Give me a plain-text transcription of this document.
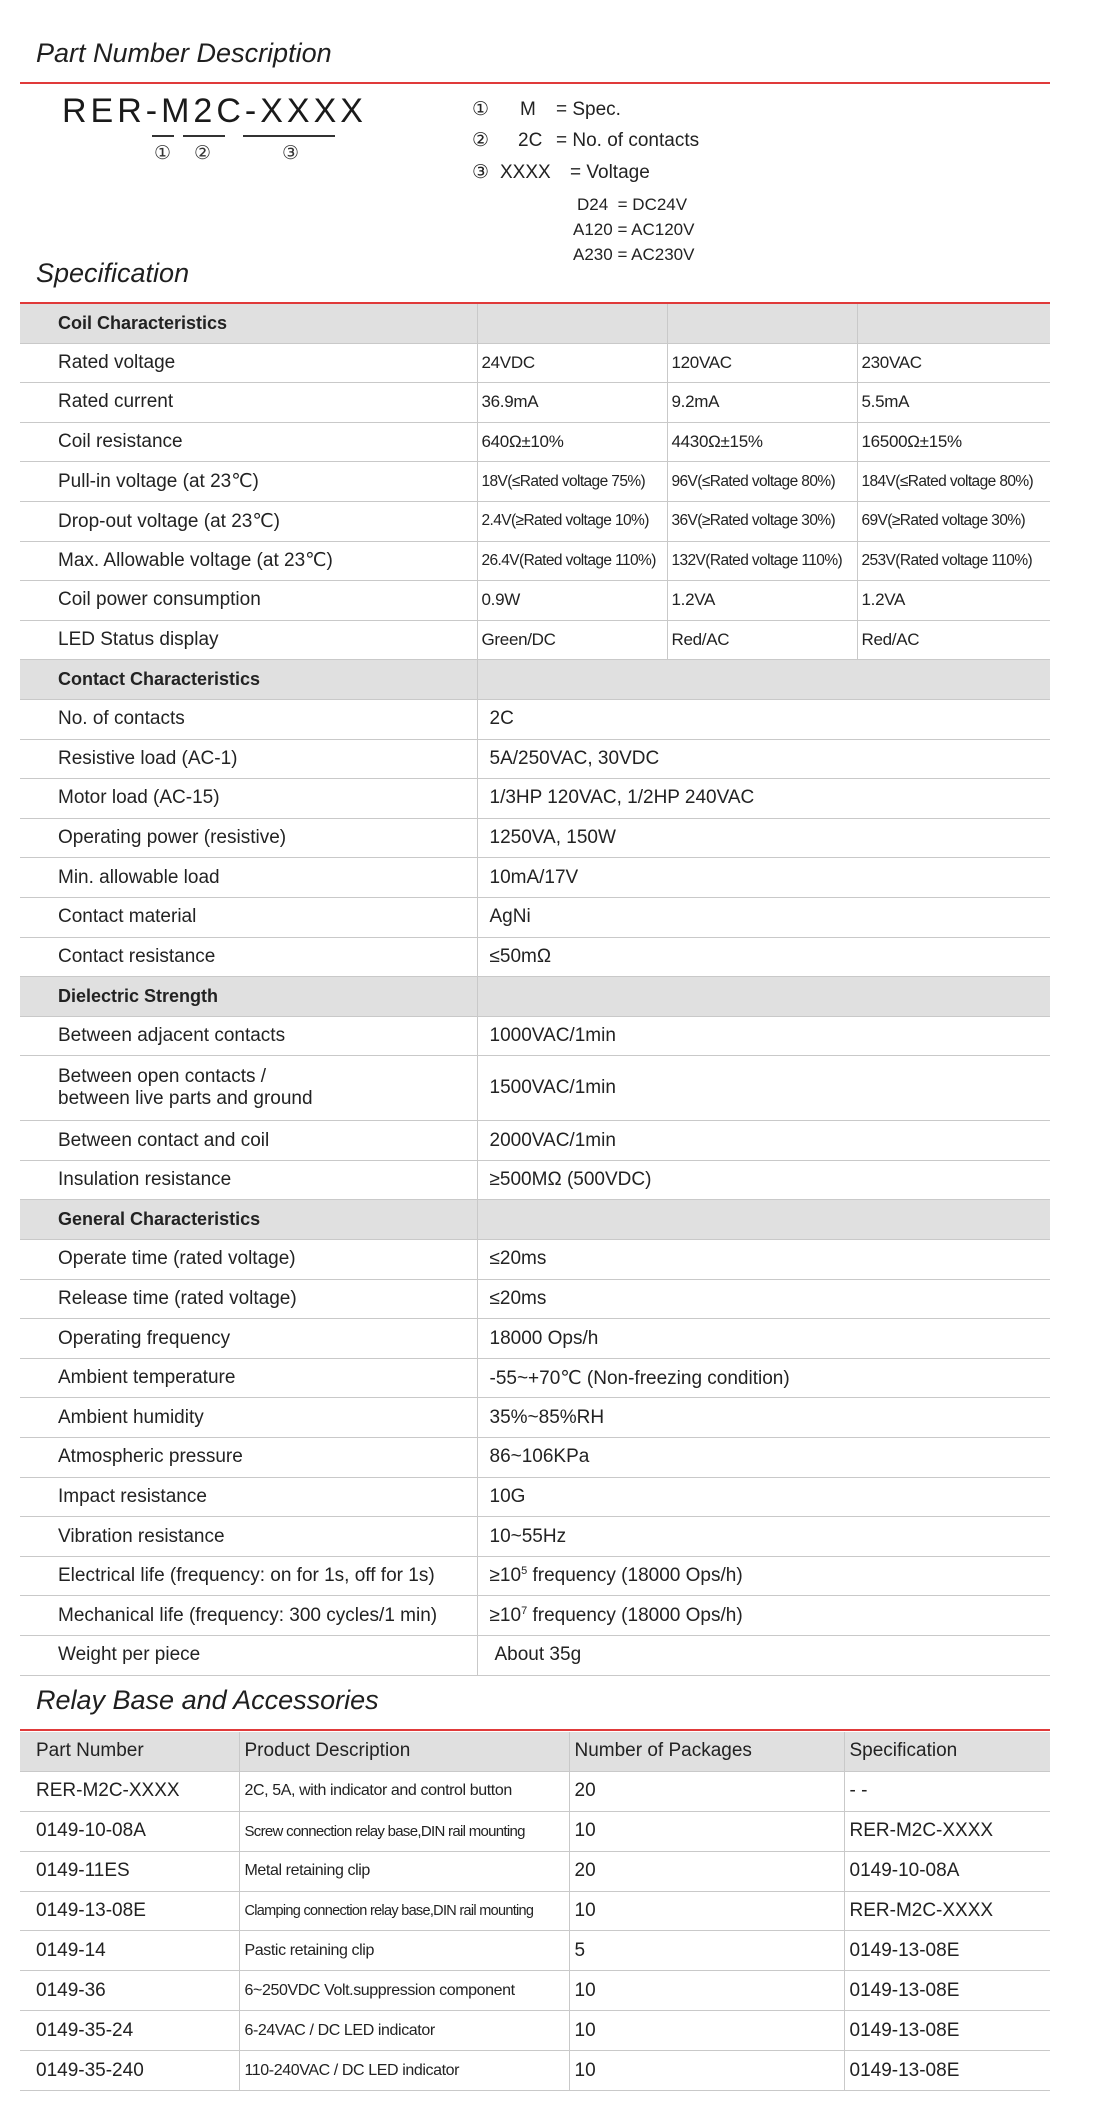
Part Number Description
RER-M2C-XXXX
① ②	③
① M = Spec.
② 2C = No. of contacts
③ XXXX = Voltage
D24 = DC24V
A120 = AC120V
A230 = AC230V
Specification
Coil Characteristics			
Rated voltage	24VDC	120VAC	230VAC
Rated current	36.9mA	9.2mA	5.5mA
Coil resistance	640Ω±10%	4430Ω±15%	16500Ω±15%
Pull-in voltage (at 23℃)	18V(≤Rated voltage 75%)	96V(≤Rated voltage 80%)	184V(≤Rated voltage 80%)
Drop-out voltage (at 23℃)	2.4V(≥Rated voltage 10%)	36V(≥Rated voltage 30%)	69V(≥Rated voltage 30%)
Max. Allowable voltage (at 23℃)	26.4V(Rated voltage 110%)	132V(Rated voltage 110%)	253V(Rated voltage 110%)
Coil power consumption	0.9W	1.2VA	1.2VA
LED Status display	Green/DC	Red/AC	Red/AC
Contact Characteristics			
No. of contacts	2C		
Resistive load (AC-1)	5A/250VAC, 30VDC		
Motor load (AC-15)	1/3HP 120VAC, 1/2HP 240VAC		
Operating power (resistive)	1250VA, 150W		
Min. allowable load	10mA/17V		
Contact material	AgNi		
Contact resistance	≤50mΩ		
Dielectric Strength			
Between adjacent contacts	1000VAC/1min		
Between open contacts /
between live parts and ground	1500VAC/1min		
Between contact and coil	2000VAC/1min		
Insulation resistance	≥500MΩ (500VDC)		
General Characteristics			
Operate time (rated voltage)	≤20ms		
Release time (rated voltage)	≤20ms		
Operating frequency	18000 Ops/h		
Ambient temperature	-55~+70℃ (Non-freezing condition)		
Ambient humidity	35%~85%RH		
Atmospheric pressure	86~106KPa		
Impact resistance	10G		
Vibration resistance	10~55Hz		
Electrical life (frequency: on for 1s, off for 1s)	$\ge 10^5$ frequency (18000 Ops/h)		
Mechanical life (frequency: 300 cycles/1 min)	$\ge 10^7$ frequency (18000 Ops/h)		
Weight per piece	About 35g		
Relay Base and Accessories
Part Number	Product Description	Number of Packages	Specification
RER-M2C-XXXX	2C, 5A, with indicator and control button	20	- -
0149-10-08A	Screw connection relay base,DIN rail mounting	10	RER-M2C-XXXX
0149-11ES	Metal retaining clip	20	0149-10-08A
0149-13-08E	Clamping connection relay base,DIN rail mounting	10	RER-M2C-XXXX
0149-14	Pastic retaining clip	5	0149-13-08E
0149-36	6~250VDC Volt.suppression component	10	0149-13-08E
0149-35-24	6-24VAC / DC LED indicator	10	0149-13-08E
0149-35-240	110-240VAC / DC LED indicator	10	0149-13-08E
